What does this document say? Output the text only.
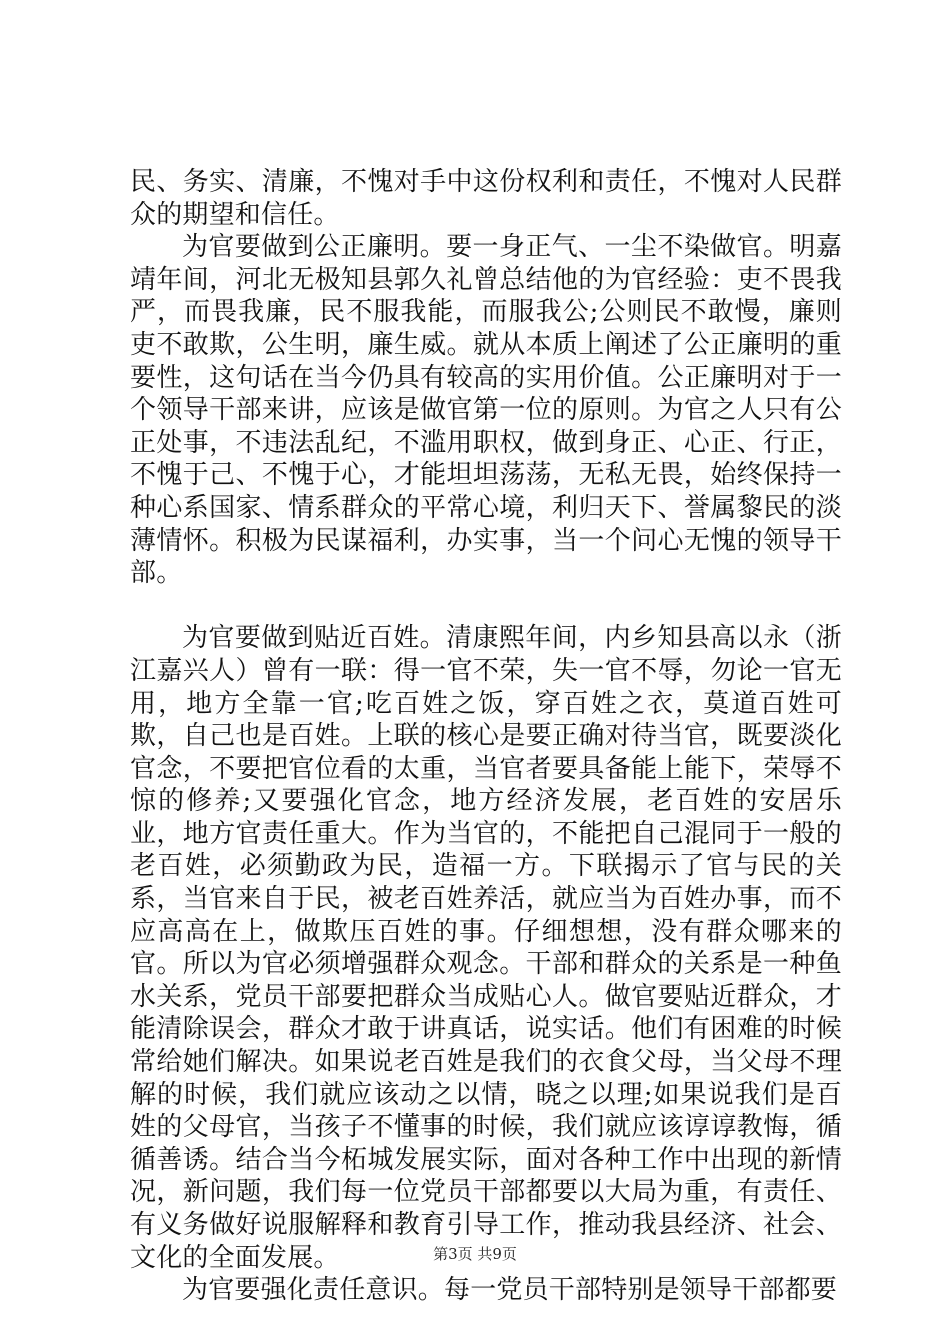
民、务实、清廉，不愧对手中这份权利和责任，不愧对人民群众的期望和信任。

为官要做到公正廉明。要一身正气、一尘不染做官。明嘉靖年间，河北无极知县郭久礼曾总结他的为官经验：吏不畏我严，而畏我廉，民不服我能，而服我公;公则民不敢慢，廉则吏不敢欺，公生明，廉生威。就从本质上阐述了公正廉明的重要性，这句话在当今仍具有较高的实用价值。公正廉明对于一个领导干部来讲，应该是做官第一位的原则。为官之人只有公正处事，不违法乱纪，不滥用职权，做到身正、心正、行正，不愧于己、不愧于心，才能坦坦荡荡，无私无畏，始终保持一种心系国家、情系群众的平常心境，利归天下、誉属黎民的淡薄情怀。积极为民谋福利，办实事，当一个问心无愧的领导干部。

为官要做到贴近百姓。清康熙年间，内乡知县高以永（浙江嘉兴人）曾有一联：得一官不荣，失一官不辱，勿论一官无用，地方全靠一官;吃百姓之饭，穿百姓之衣，莫道百姓可欺，自己也是百姓。上联的核心是要正确对待当官，既要淡化官念，不要把官位看的太重，当官者要具备能上能下，荣辱不惊的修养;又要强化官念，地方经济发展，老百姓的安居乐业，地方官责任重大。作为当官的，不能把自己混同于一般的老百姓，必须勤政为民，造福一方。下联揭示了官与民的关系，当官来自于民，被老百姓养活，就应当为百姓办事，而不应高高在上，做欺压百姓的事。仔细想想，没有群众哪来的官。所以为官必须增强群众观念。干部和群众的关系是一种鱼水关系，党员干部要把群众当成贴心人。做官要贴近群众，才能清除误会，群众才敢于讲真话，说实话。他们有困难的时候常给她们解决。如果说老百姓是我们的衣食父母，当父母不理解的时候，我们就应该动之以情，晓之以理;如果说我们是百姓的父母官，当孩子不懂事的时候，我们就应该谆谆教悔，循循善诱。结合当今柘城发展实际，面对各种工作中出现的新情况，新问题，我们每一位党员干部都要以大局为重，有责任、有义务做好说服解释和教育引导工作，推动我县经济、社会、文化的全面发展。

为官要强化责任意识。每一党员干部特别是领导干部都要

第3页 共9页
